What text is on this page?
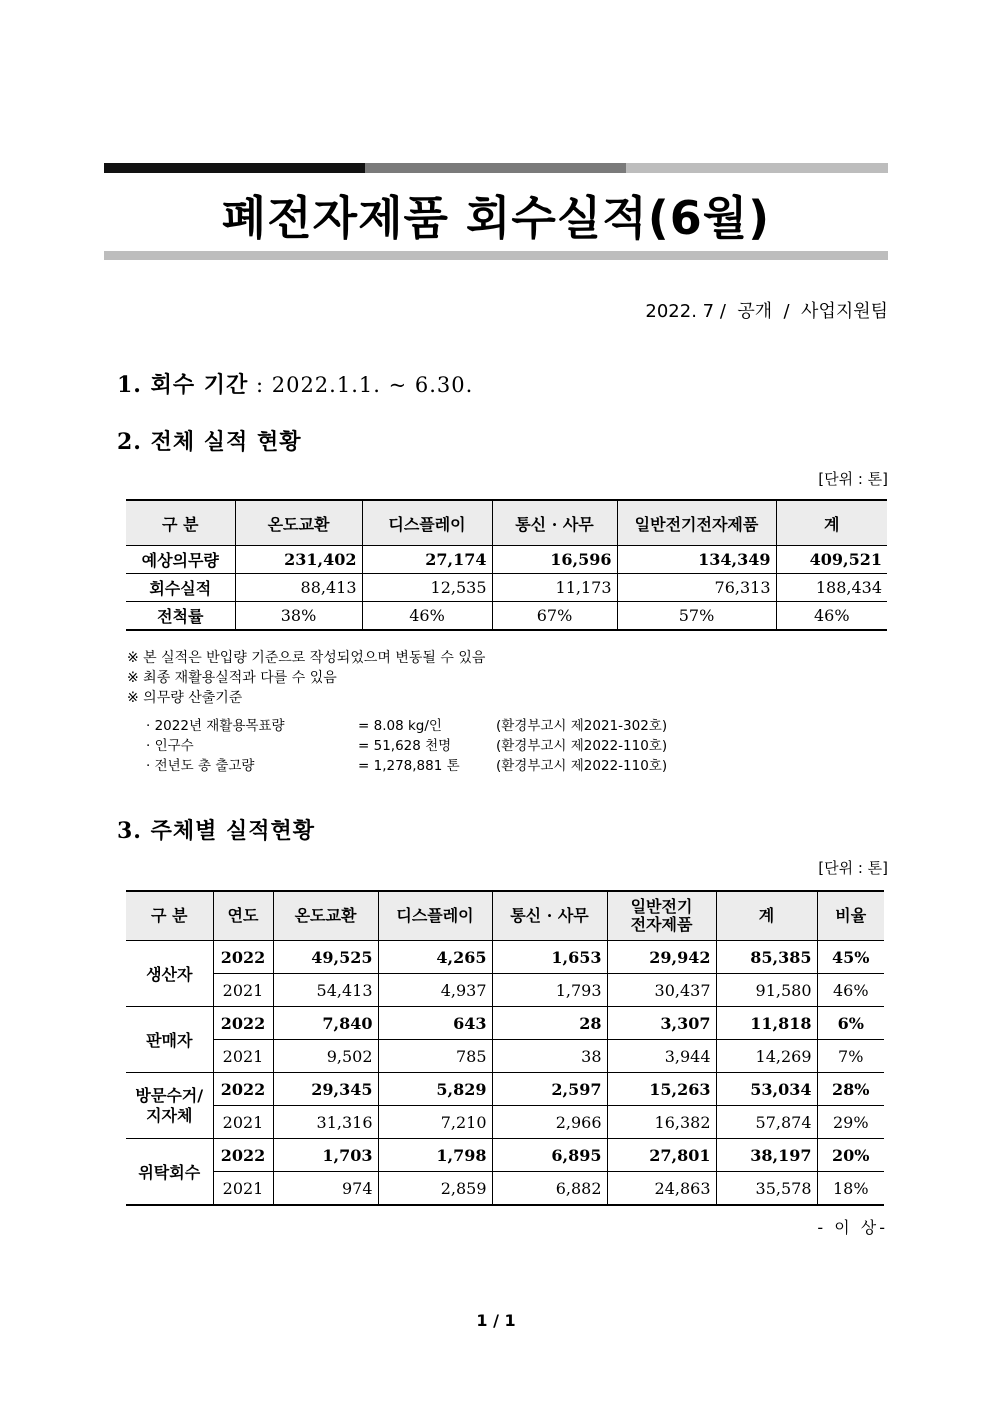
폐전자제품 회수실적(6월)
2022. 7 /  공개  /  사업지원팀
1. 회수 기간 : 2022.1.1. ~ 6.30.
2. 전체 실적 현황
[단위 : 톤]
구 분	온도교환	디스플레이	통신 · 사무	일반전기전자제품	계
예상의무량	231,402	27,174	16,596	134,349	409,521
회수실적	88,413	12,535	11,173	76,313	188,434
전척률	38%	46%	67%	57%	46%
※ 본 실적은 반입량 기준으로 작성되었으며 변동될 수 있음
※ 최종 재활용실적과 다를 수 있음
※ 의무량 산출기준
· 2022년 재활용목표량	= 8.08 kg/인	(환경부고시 제2021-302호)
· 인구수	= 51,628 천명	(환경부고시 제2022-110호)
· 전년도 총 출고량	= 1,278,881 톤	(환경부고시 제2022-110호)
3. 주체별 실적현황
[단위 : 톤]
구 분	연도	온도교환	디스플레이	통신 · 사무	일반전기
전자제품	계	비율
생산자	2022	49,525	4,265	1,653	29,942	85,385	45%
	2021	54,413	4,937	1,793	30,437	91,580	46%
판매자	2022	7,840	643	28	3,307	11,818	6%
	2021	9,502	785	38	3,944	14,269	7%
방문수거/
지자체	2022	29,345	5,829	2,597	15,263	53,034	28%
	2021	31,316	7,210	2,966	16,382	57,874	29%
위탁회수	2022	1,703	1,798	6,895	27,801	38,197	20%
	2021	974	2,859	6,882	24,863	35,578	18%
- 이 상-
1 / 1
